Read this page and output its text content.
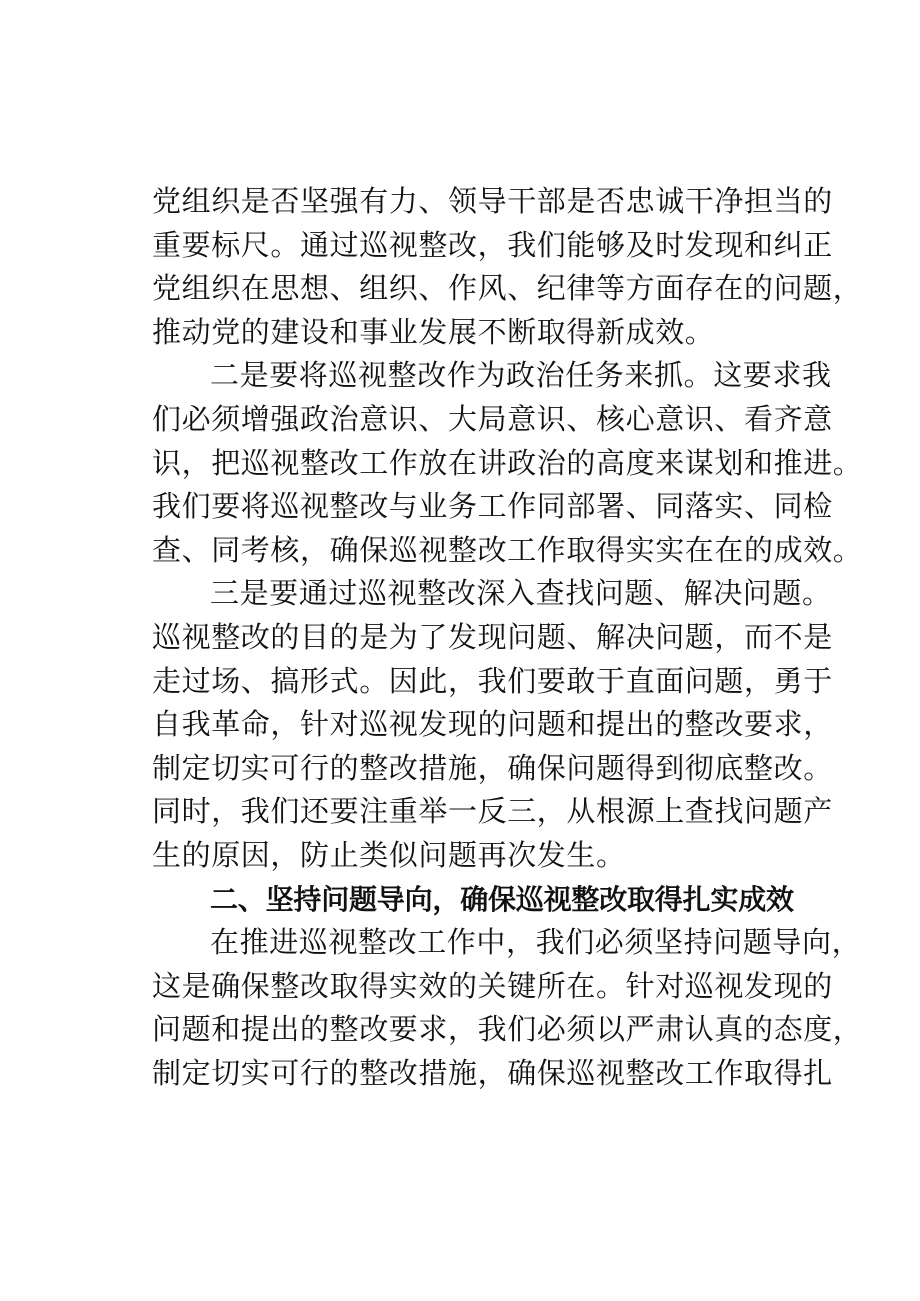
党组织是否坚强有力、领导干部是否忠诚干净担当的
重要标尺。通过巡视整改，我们能够及时发现和纠正
党组织在思想、组织、作风、纪律等方面存在的问题，
推动党的建设和事业发展不断取得新成效。
二是要将巡视整改作为政治任务来抓。这要求我
们必须增强政治意识、大局意识、核心意识、看齐意
识，把巡视整改工作放在讲政治的高度来谋划和推进。
我们要将巡视整改与业务工作同部署、同落实、同检
查、同考核，确保巡视整改工作取得实实在在的成效。
三是要通过巡视整改深入查找问题、解决问题。
巡视整改的目的是为了发现问题、解决问题，而不是
走过场、搞形式。因此，我们要敢于直面问题，勇于
自我革命，针对巡视发现的问题和提出的整改要求，
制定切实可行的整改措施，确保问题得到彻底整改。
同时，我们还要注重举一反三，从根源上查找问题产
生的原因，防止类似问题再次发生。
二、坚持问题导向，确保巡视整改取得扎实成效
在推进巡视整改工作中，我们必须坚持问题导向，
这是确保整改取得实效的关键所在。针对巡视发现的
问题和提出的整改要求，我们必须以严肃认真的态度，
制定切实可行的整改措施，确保巡视整改工作取得扎
